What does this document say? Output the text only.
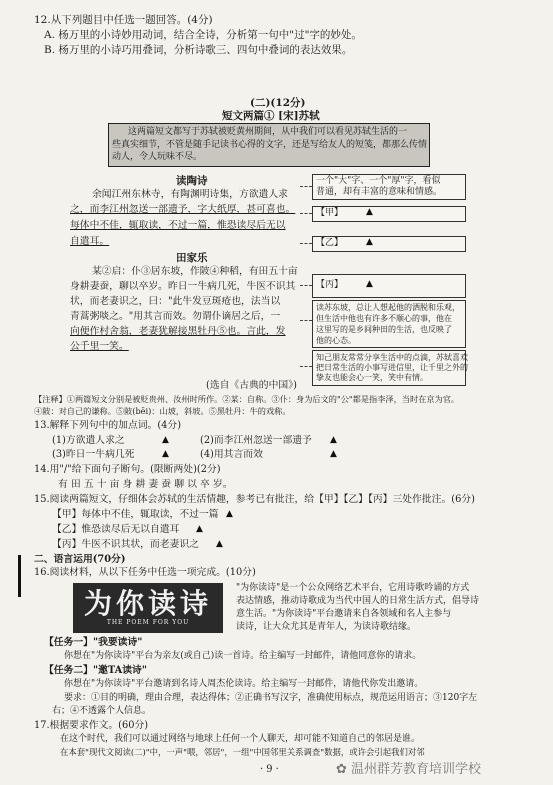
12.从下列题目中任选一题回答。(4分)
A. 杨万里的小诗妙用动词，结合全诗，分析第一句中"过"字的妙处。
B. 杨万里的小诗巧用叠词，分析诗歌三、四句中叠词的表达效果。
(二)(12分)
短文两篇① [宋]苏轼
这两篇短文都写于苏轼被贬黄州期间，从中我们可以看见苏轼生活的一
些真实细节，不管是随手记读书心得的文字，还是写给友人的短笺，都那么传情
动人，令人玩味不尽。
读陶诗
余闻江州东林寺，有陶渊明诗集，方欲遣人求
之，而李江州忽送一部遗予，字大纸厚，甚可喜也。
每体中不佳，辄取读，不过一篇，惟恐读尽后无以
自遣耳。
田家乐
某②启：仆③居东坡，作陂④种稻，有田五十亩
身耕妻蚕，聊以卒岁。昨日一牛病几死，牛医不识其
状，而老妻识之，曰："此牛发豆斑疮也，法当以
青蒿粥啖之。"用其言而效。勿谓仆谪居之后，一
向便作村舍翁，老妻犹解接黑牡丹⑤也。言此，发
公千里一笑。
一个"大"字、一个"厚"字，看似
普通，却有丰富的意味和情感。
【甲】	▲
【乙】	▲
【丙】	▲
读苏东坡，总让人想起他的洒脱和乐观，
但生活中他也有许多不顺心的事，他在
这里写的是乡间种田的生活，也反映了
他的心态。
知己朋友常常分享生活中的点滴，苏轼喜欢
把日常生活的小事写进信里，让千里之外的
挚友也能会心一笑，笑中有情。
(选自《古典的中国》)
【注释】①两篇短文分别是被贬贵州、汝州时所作。②某：自称。③仆：身为后文的"公"都是指李泽，当时在京为官。
④陂：对自己的谦称。⑤陂(bēi)：山坡，斜坡。⑤黑牡丹：牛的戏称。
13.解释下列句中的加点词。(4分)
(1)方欲遣人求之	▲	(2)而李江州忽送一部遗予 ▲
(3)昨日一牛病几死	▲	(4)用其言而效	▲
14.用"/"给下面句子断句。(限断两处)(2分)
有 田 五 十 亩 身 耕 妻 蚕 聊 以 卒 岁。
15.阅读两篇短文，仔细体会苏轼的生活情趣，参考已有批注，给【甲】【乙】【丙】三处作批注。(6分)
【甲】每体中不佳，辄取读，不过一篇 ▲
【乙】惟恐读尽后无以自遣耳 ▲
【丙】牛医不识其状，而老妻识之 ▲
二、语言运用(70分)
16.阅读材料，从以下任务中任选一项完成。(10分)
为你读诗
THE POEM FOR YOU
"为你读诗"是一个公众网络艺术平台，它用诗歌吟诵的方式
表达情感，推动诗歌成为当代中国人的日常生活方式，倡导诗
意生活。"为你读诗"平台邀请来自各领域和名人主参与
读诗，让大众尤其是青年人，为读诗歌结缘。
【任务一】"我要读诗"
你想在"为你读诗"平台为亲友(或自己)读一首诗。给主编写一封邮件，请他同意你的请求。
【任务二】"邀TA读诗"
你想在"为你读诗"平台邀请到名诗人周杰伦读诗。给主编写一封邮件，请他代你发出邀请。
要求：①目的明确，理由合理，表达得体；②正确书写汉字，准确使用标点，规范运用语言；③120字左
右；④不透露个人信息。
17.根据要求作文。(60分)
在这个时代，我们可以通过网络与地球上任何一个人聊天，却可能不知道自己的邻居是谁。
在本套"现代文阅读(二)"中，一声"喂，邻居"，一组"中国邻里关系调查"数据，或许会引起我们对邻
· 9 ·	✿ 温州群芳教育培训学校
